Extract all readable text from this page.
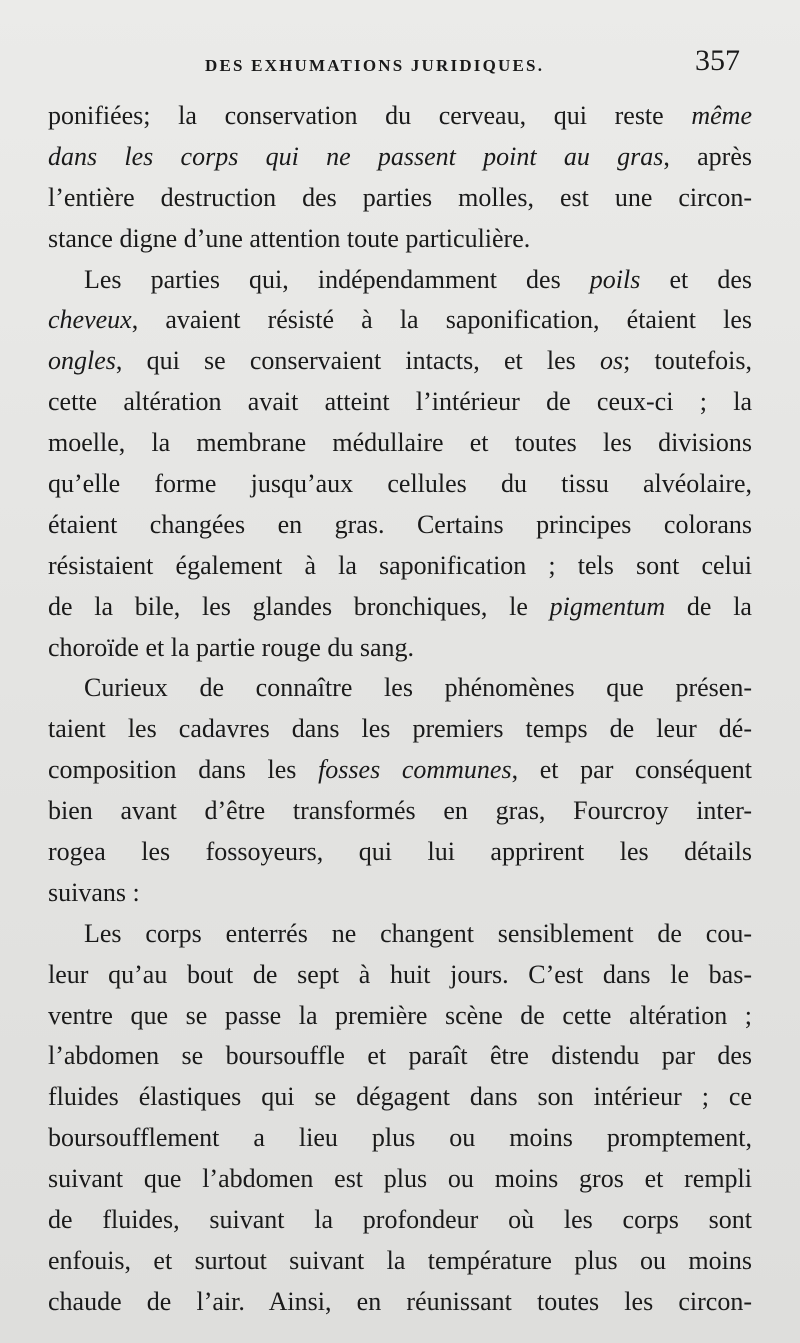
DES EXHUMATIONS JURIDIQUES.	357
ponifiées; la conservation du cerveau, qui reste même
dans les corps qui ne passent point au gras, après
l’entière destruction des parties molles, est une circon-
stance digne d’une attention toute particulière.
Les parties qui, indépendamment des poils et des
cheveux, avaient résisté à la saponification, étaient les
ongles, qui se conservaient intacts, et les os; toutefois,
cette altération avait atteint l’intérieur de ceux-ci ; la
moelle, la membrane médullaire et toutes les divisions
qu’elle forme jusqu’aux cellules du tissu alvéolaire,
étaient changées en gras. Certains principes colorans
résistaient également à la saponification ; tels sont celui
de la bile, les glandes bronchiques, le pigmentum de la
choroïde et la partie rouge du sang.
Curieux de connaître les phénomènes que présen-
taient les cadavres dans les premiers temps de leur dé-
composition dans les fosses communes, et par conséquent
bien avant d’être transformés en gras, Fourcroy inter-
rogea les fossoyeurs, qui lui apprirent les détails
suivans :
Les corps enterrés ne changent sensiblement de cou-
leur qu’au bout de sept à huit jours. C’est dans le bas-
ventre que se passe la première scène de cette altération ;
l’abdomen se boursouffle et paraît être distendu par des
fluides élastiques qui se dégagent dans son intérieur ; ce
boursoufflement a lieu plus ou moins promptement,
suivant que l’abdomen est plus ou moins gros et rempli
de fluides, suivant la profondeur où les corps sont
enfouis, et surtout suivant la température plus ou moins
chaude de l’air. Ainsi, en réunissant toutes les circon-
